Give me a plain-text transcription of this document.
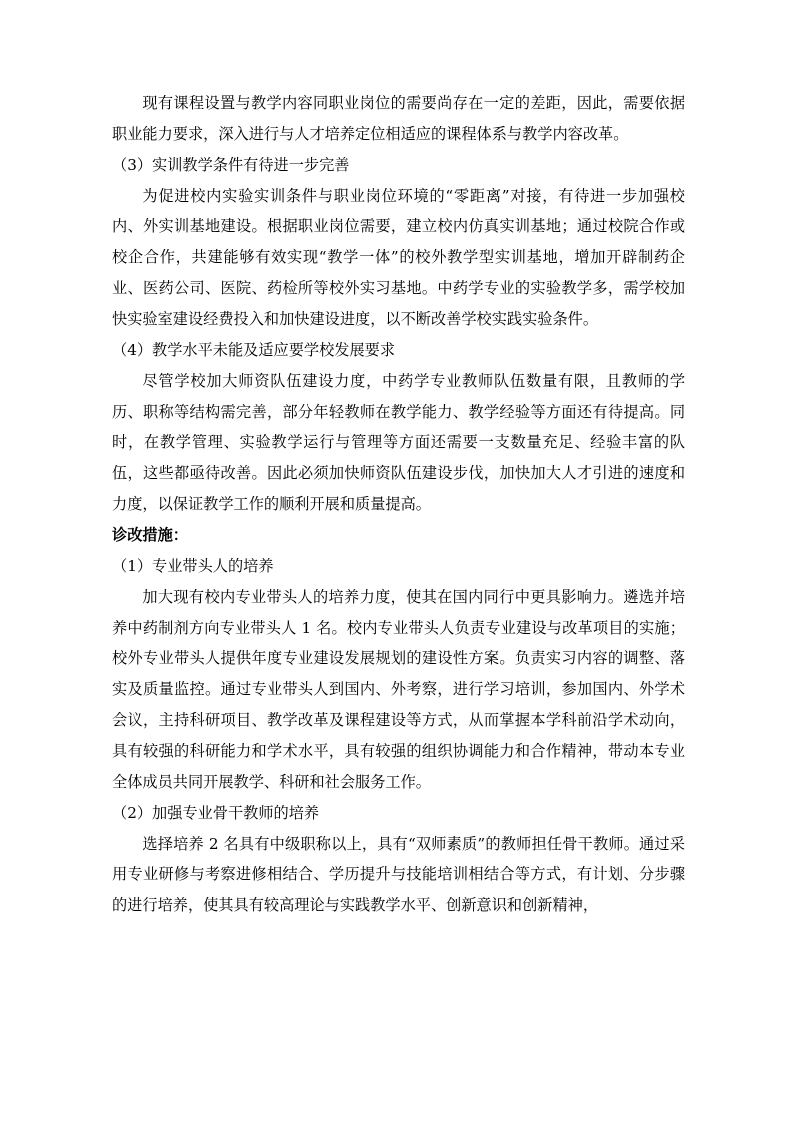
现有课程设置与教学内容同职业岗位的需要尚存在一定的差距，因此，需要依据职业能力要求，深入进行与人才培养定位相适应的课程体系与教学内容改革。

（3）实训教学条件有待进一步完善

为促进校内实验实训条件与职业岗位环境的“零距离”对接，有待进一步加强校内、外实训基地建设。根据职业岗位需要，建立校内仿真实训基地；通过校院合作或校企合作，共建能够有效实现“教学一体”的校外教学型实训基地，增加开辟制药企业、医药公司、医院、药检所等校外实习基地。中药学专业的实验教学多，需学校加快实验室建设经费投入和加快建设进度，以不断改善学校实践实验条件。

（4）教学水平未能及适应要学校发展要求

尽管学校加大师资队伍建设力度，中药学专业教师队伍数量有限，且教师的学历、职称等结构需完善，部分年轻教师在教学能力、教学经验等方面还有待提高。同时，在教学管理、实验教学运行与管理等方面还需要一支数量充足、经验丰富的队伍，这些都亟待改善。因此必须加快师资队伍建设步伐，加快加大人才引进的速度和力度，以保证教学工作的顺利开展和质量提高。

诊改措施：

（1）专业带头人的培养

加大现有校内专业带头人的培养力度，使其在国内同行中更具影响力。遴选并培养中药制剂方向专业带头人 1 名。校内专业带头人负责专业建设与改革项目的实施；校外专业带头人提供年度专业建设发展规划的建设性方案。负责实习内容的调整、落实及质量监控。通过专业带头人到国内、外考察，进行学习培训，参加国内、外学术会议，主持科研项目、教学改革及课程建设等方式，从而掌握本学科前沿学术动向，具有较强的科研能力和学术水平，具有较强的组织协调能力和合作精神，带动本专业全体成员共同开展教学、科研和社会服务工作。

（2）加强专业骨干教师的培养

选择培养 2 名具有中级职称以上，具有“双师素质”的教师担任骨干教师。通过采用专业研修与考察进修相结合、学历提升与技能培训相结合等方式，有计划、分步骤的进行培养，使其具有较高理论与实践教学水平、创新意识和创新精神，
